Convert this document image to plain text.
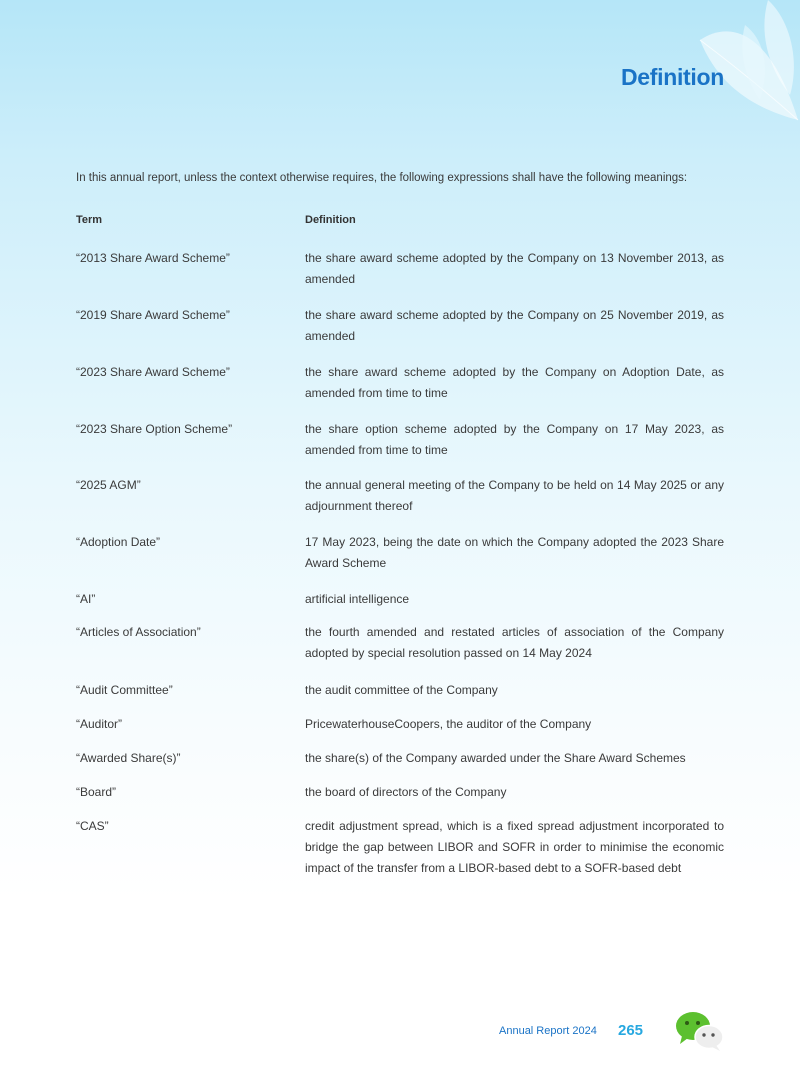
Definition
In this annual report, unless the context otherwise requires, the following expressions shall have the following meanings:
Term	Definition
“2013 Share Award Scheme”	the share award scheme adopted by the Company on 13 November 2013, as amended
“2019 Share Award Scheme”	the share award scheme adopted by the Company on 25 November 2019, as amended
“2023 Share Award Scheme”	the share award scheme adopted by the Company on Adoption Date, as amended from time to time
“2023 Share Option Scheme”	the share option scheme adopted by the Company on 17 May 2023, as amended from time to time
“2025 AGM”	the annual general meeting of the Company to be held on 14 May 2025 or any adjournment thereof
“Adoption Date”	17 May 2023, being the date on which the Company adopted the 2023 Share Award Scheme
“AI”	artificial intelligence
“Articles of Association”	the fourth amended and restated articles of association of the Company adopted by special resolution passed on 14 May 2024
“Audit Committee”	the audit committee of the Company
“Auditor”	PricewaterhouseCoopers, the auditor of the Company
“Awarded Share(s)”	the share(s) of the Company awarded under the Share Award Schemes
“Board”	the board of directors of the Company
“CAS”	credit adjustment spread, which is a fixed spread adjustment incorporated to bridge the gap between LIBOR and SOFR in order to minimise the economic impact of the transfer from a LIBOR-based debt to a SOFR-based debt
Annual Report 2024 265
